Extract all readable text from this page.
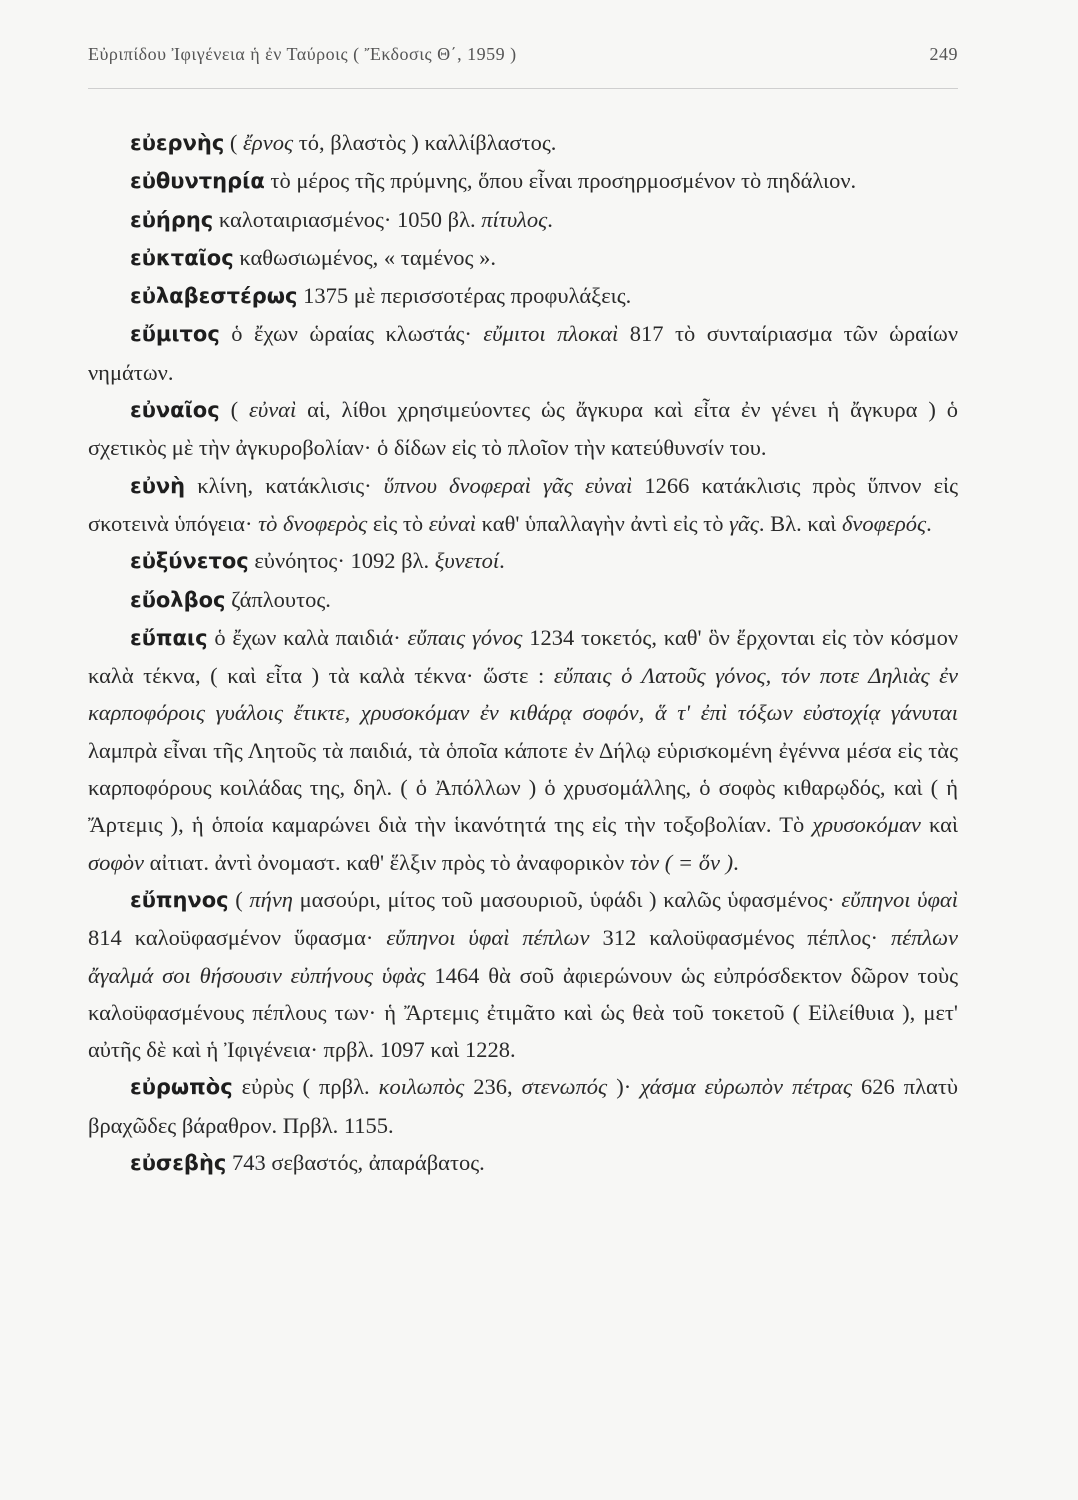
Εὐριπίδου Ἰφιγένεια ἡ ἐν Ταύροις ( Ἔκδοσις Θ΄, 1959 )	249

εὐερνὴς ( ἔρνος τό, βλαστὸς ) καλλίβλαστος.

εὐθυντηρία τὸ μέρος τῆς πρύμνης, ὅπου εἶναι προσηρμοσμένον τὸ πηδάλιον.

εὐήρης καλοταιριασμένος· 1050 βλ. πίτυλος.

εὐκταῖος καθωσιωμένος, « ταμένος ».

εὐλαβεστέρως 1375 μὲ περισσοτέρας προφυλάξεις.

εὔμιτος ὁ ἔχων ὡραίας κλωστάς· εὔμιτοι πλοκαὶ 817 τὸ συνταίριασμα τῶν ὡραίων νημάτων.

εὐναῖος ( εὐναὶ αἱ, λίθοι χρησιμεύοντες ὡς ἄγκυρα καὶ εἶτα ἐν γένει ἡ ἄγκυρα ) ὁ σχετικὸς μὲ τὴν ἀγκυροβολίαν· ὁ δίδων εἰς τὸ πλοῖον τὴν κατεύθυνσίν του.

εὐνὴ κλίνη, κατάκλισις· ὕπνου δνοφεραὶ γᾶς εὐναὶ 1266 κατάκλισις πρὸς ὕπνον εἰς σκοτεινὰ ὑπόγεια· τὸ δνοφερὸς εἰς τὸ εὐναὶ καθ' ὑπαλλαγὴν ἀντὶ εἰς τὸ γᾶς. Βλ. καὶ δνοφερός.

εὐξύνετος εὐνόητος· 1092 βλ. ξυνετοί.

εὔολβος ζάπλουτος.

εὔπαις ὁ ἔχων καλὰ παιδιά· εὔπαις γόνος 1234 τοκετός, καθ' ὃν ἔρχονται εἰς τὸν κόσμον καλὰ τέκνα, ( καὶ εἶτα ) τὰ καλὰ τέκνα· ὥστε : εὔπαις ὁ Λατοῦς γόνος, τόν ποτε Δηλιὰς ἐν καρποφόροις γυάλοις ἔτικτε, χρυσοκόμαν ἐν κιθάρᾳ σοφόν, ἅ τ' ἐπὶ τόξων εὐστοχίᾳ γάνυται λαμπρὰ εἶναι τῆς Λητοῦς τὰ παιδιά, τὰ ὁποῖα κάποτε ἐν Δήλῳ εὑρισκομένη ἐγέννα μέσα εἰς τὰς καρποφόρους κοιλάδας της, δηλ. ( ὁ Ἀπόλλων ) ὁ χρυσομάλλης, ὁ σοφὸς κιθαρῳδός, καὶ ( ἡ Ἄρτεμις ), ἡ ὁποία καμαρώνει διὰ τὴν ἱκανότητά της εἰς τὴν τοξοβολίαν. Τὸ χρυσοκόμαν καὶ σοφὸν αἰτιατ. ἀντὶ ὀνομαστ. καθ' ἕλξιν πρὸς τὸ ἀναφορικὸν τὸν ( = ὅν ).

εὔπηνος ( πήνη μασούρι, μίτος τοῦ μασουριοῦ, ὑφάδι ) καλῶς ὑφασμένος· εὔπηνοι ὑφαὶ 814 καλοϋφασμένον ὕφασμα· εὔπηνοι ὑφαὶ πέπλων 312 καλοϋφασμένος πέπλος· πέπλων ἄγαλμά σοι θήσουσιν εὐπήνους ὑφὰς 1464 θὰ σοῦ ἀφιερώνουν ὡς εὐπρόσδεκτον δῶρον τοὺς καλοϋφασμένους πέπλους των· ἡ Ἄρτεμις ἐτιμᾶτο καὶ ὡς θεὰ τοῦ τοκετοῦ ( Εἰλείθυια ), μετ' αὐτῆς δὲ καὶ ἡ Ἰφιγένεια· πρβλ. 1097 καὶ 1228.

εὐρωπὸς εὐρὺς ( πρβλ. κοιλωπὸς 236, στενωπός )· χάσμα εὐρωπὸν πέτρας 626 πλατὺ βραχῶδες βάραθρον. Πρβλ. 1155.

εὐσεβὴς 743 σεβαστός, ἀπαράβατος.
